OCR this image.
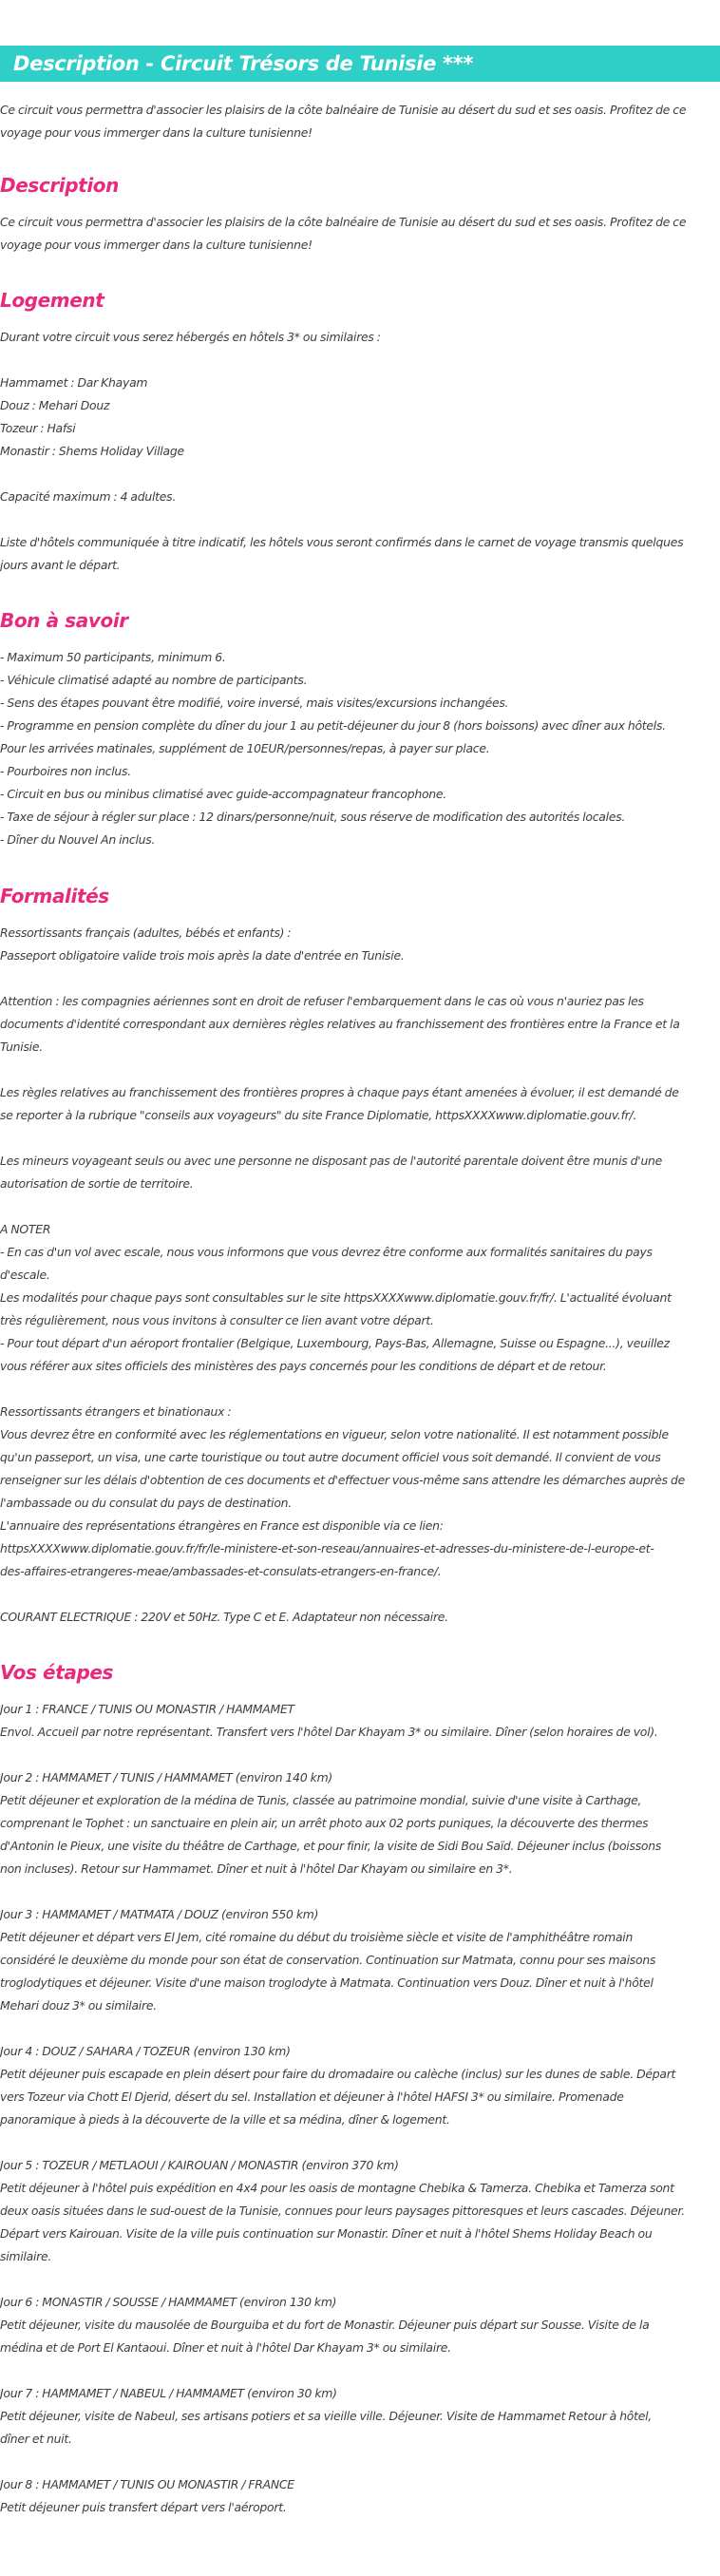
Description - Circuit Trésors de Tunisie ***

Ce circuit vous permettra d'associer les plaisirs de la côte balnéaire de Tunisie au désert du sud et ses oasis. Profitez de ce

voyage pour vous immerger dans la culture tunisienne!

Description

Ce circuit vous permettra d'associer les plaisirs de la côte balnéaire de Tunisie au désert du sud et ses oasis. Profitez de ce

voyage pour vous immerger dans la culture tunisienne!

Logement

Durant votre circuit vous serez hébergés en hôtels 3* ou similaires :

Hammamet : Dar Khayam

Douz : Mehari Douz

Tozeur : Hafsi

Monastir : Shems Holiday Village

Capacité maximum : 4 adultes.

Liste d'hôtels communiquée à titre indicatif, les hôtels vous seront confirmés dans le carnet de voyage transmis quelques

jours avant le départ.

Bon à savoir

- Maximum 50 participants, minimum 6.

- Véhicule climatisé adapté au nombre de participants.

- Sens des étapes pouvant être modifié, voire inversé, mais visites/excursions inchangées.

- Programme en pension complète du dîner du jour 1 au petit-déjeuner du jour 8 (hors boissons) avec dîner aux hôtels.

Pour les arrivées matinales, supplément de 10EUR/personnes/repas, à payer sur place.

- Pourboires non inclus.

- Circuit en bus ou minibus climatisé avec guide-accompagnateur francophone.

- Taxe de séjour à régler sur place : 12 dinars/personne/nuit, sous réserve de modification des autorités locales.

- Dîner du Nouvel An inclus.

Formalités

Ressortissants français (adultes, bébés et enfants) :

Passeport obligatoire valide trois mois après la date d'entrée en Tunisie.

Attention : les compagnies aériennes sont en droit de refuser l'embarquement dans le cas où vous n'auriez pas les

documents d'identité correspondant aux dernières règles relatives au franchissement des frontières entre la France et la

Tunisie.

Les règles relatives au franchissement des frontières propres à chaque pays étant amenées à évoluer, il est demandé de

se reporter à la rubrique "conseils aux voyageurs" du site France Diplomatie, httpsXXXXwww.diplomatie.gouv.fr/.

Les mineurs voyageant seuls ou avec une personne ne disposant pas de l'autorité parentale doivent être munis d'une

autorisation de sortie de territoire.

A NOTER

- En cas d'un vol avec escale, nous vous informons que vous devrez être conforme aux formalités sanitaires du pays

d'escale.

Les modalités pour chaque pays sont consultables sur le site httpsXXXXwww.diplomatie.gouv.fr/fr/. L'actualité évoluant

très régulièrement, nous vous invitons à consulter ce lien avant votre départ.

- Pour tout départ d'un aéroport frontalier (Belgique, Luxembourg, Pays-Bas, Allemagne, Suisse ou Espagne...), veuillez

vous référer aux sites officiels des ministères des pays concernés pour les conditions de départ et de retour.

Ressortissants étrangers et binationaux :

Vous devrez être en conformité avec les réglementations en vigueur, selon votre nationalité. Il est notamment possible

qu'un passeport, un visa, une carte touristique ou tout autre document officiel vous soit demandé. Il convient de vous

renseigner sur les délais d'obtention de ces documents et d'effectuer vous-même sans attendre les démarches auprès de

l'ambassade ou du consulat du pays de destination.

L'annuaire des représentations étrangères en France est disponible via ce lien:

httpsXXXXwww.diplomatie.gouv.fr/fr/le-ministere-et-son-reseau/annuaires-et-adresses-du-ministere-de-l-europe-et-

des-affaires-etrangeres-meae/ambassades-et-consulats-etrangers-en-france/.

COURANT ELECTRIQUE : 220V et 50Hz. Type C et E. Adaptateur non nécessaire.

Vos étapes

Jour 1 : FRANCE / TUNIS OU MONASTIR / HAMMAMET

Envol. Accueil par notre représentant. Transfert vers l'hôtel Dar Khayam 3* ou similaire. Dîner (selon horaires de vol).

Jour 2 : HAMMAMET / TUNIS / HAMMAMET (environ 140 km)

Petit déjeuner et exploration de la médina de Tunis, classée au patrimoine mondial, suivie d'une visite à Carthage,

comprenant le Tophet : un sanctuaire en plein air, un arrêt photo aux 02 ports puniques, la découverte des thermes

d'Antonin le Pieux, une visite du théâtre de Carthage, et pour finir, la visite de Sidi Bou Saïd. Déjeuner inclus (boissons

non incluses). Retour sur Hammamet. Dîner et nuit à l'hôtel Dar Khayam ou similaire en 3*.

Jour 3 : HAMMAMET / MATMATA / DOUZ (environ 550 km)

Petit déjeuner et départ vers El Jem, cité romaine du début du troisième siècle et visite de l'amphithéâtre romain

considéré le deuxième du monde pour son état de conservation. Continuation sur Matmata, connu pour ses maisons

troglodytiques et déjeuner. Visite d'une maison troglodyte à Matmata. Continuation vers Douz. Dîner et nuit à l'hôtel

Mehari douz 3* ou similaire.

Jour 4 : DOUZ / SAHARA / TOZEUR (environ 130 km)

Petit déjeuner puis escapade en plein désert pour faire du dromadaire ou calèche (inclus) sur les dunes de sable. Départ

vers Tozeur via Chott El Djerid, désert du sel. Installation et déjeuner à l'hôtel HAFSI 3* ou similaire. Promenade

panoramique à pieds à la découverte de la ville et sa médina, dîner & logement.

Jour 5 : TOZEUR / METLAOUI / KAIROUAN / MONASTIR (environ 370 km)

Petit déjeuner à l'hôtel puis expédition en 4x4 pour les oasis de montagne Chebika & Tamerza. Chebika et Tamerza sont

deux oasis situées dans le sud-ouest de la Tunisie, connues pour leurs paysages pittoresques et leurs cascades. Déjeuner.

Départ vers Kairouan. Visite de la ville puis continuation sur Monastir. Dîner et nuit à l'hôtel Shems Holiday Beach ou

similaire.

Jour 6 : MONASTIR / SOUSSE / HAMMAMET (environ 130 km)

Petit déjeuner, visite du mausolée de Bourguiba et du fort de Monastir. Déjeuner puis départ sur Sousse. Visite de la

médina et de Port El Kantaoui. Dîner et nuit à l'hôtel Dar Khayam 3* ou similaire.

Jour 7 : HAMMAMET / NABEUL / HAMMAMET (environ 30 km)

Petit déjeuner, visite de Nabeul, ses artisans potiers et sa vieille ville. Déjeuner. Visite de Hammamet Retour à hôtel,

dîner et nuit.

Jour 8 : HAMMAMET / TUNIS OU MONASTIR / FRANCE

Petit déjeuner puis transfert départ vers l'aéroport.
